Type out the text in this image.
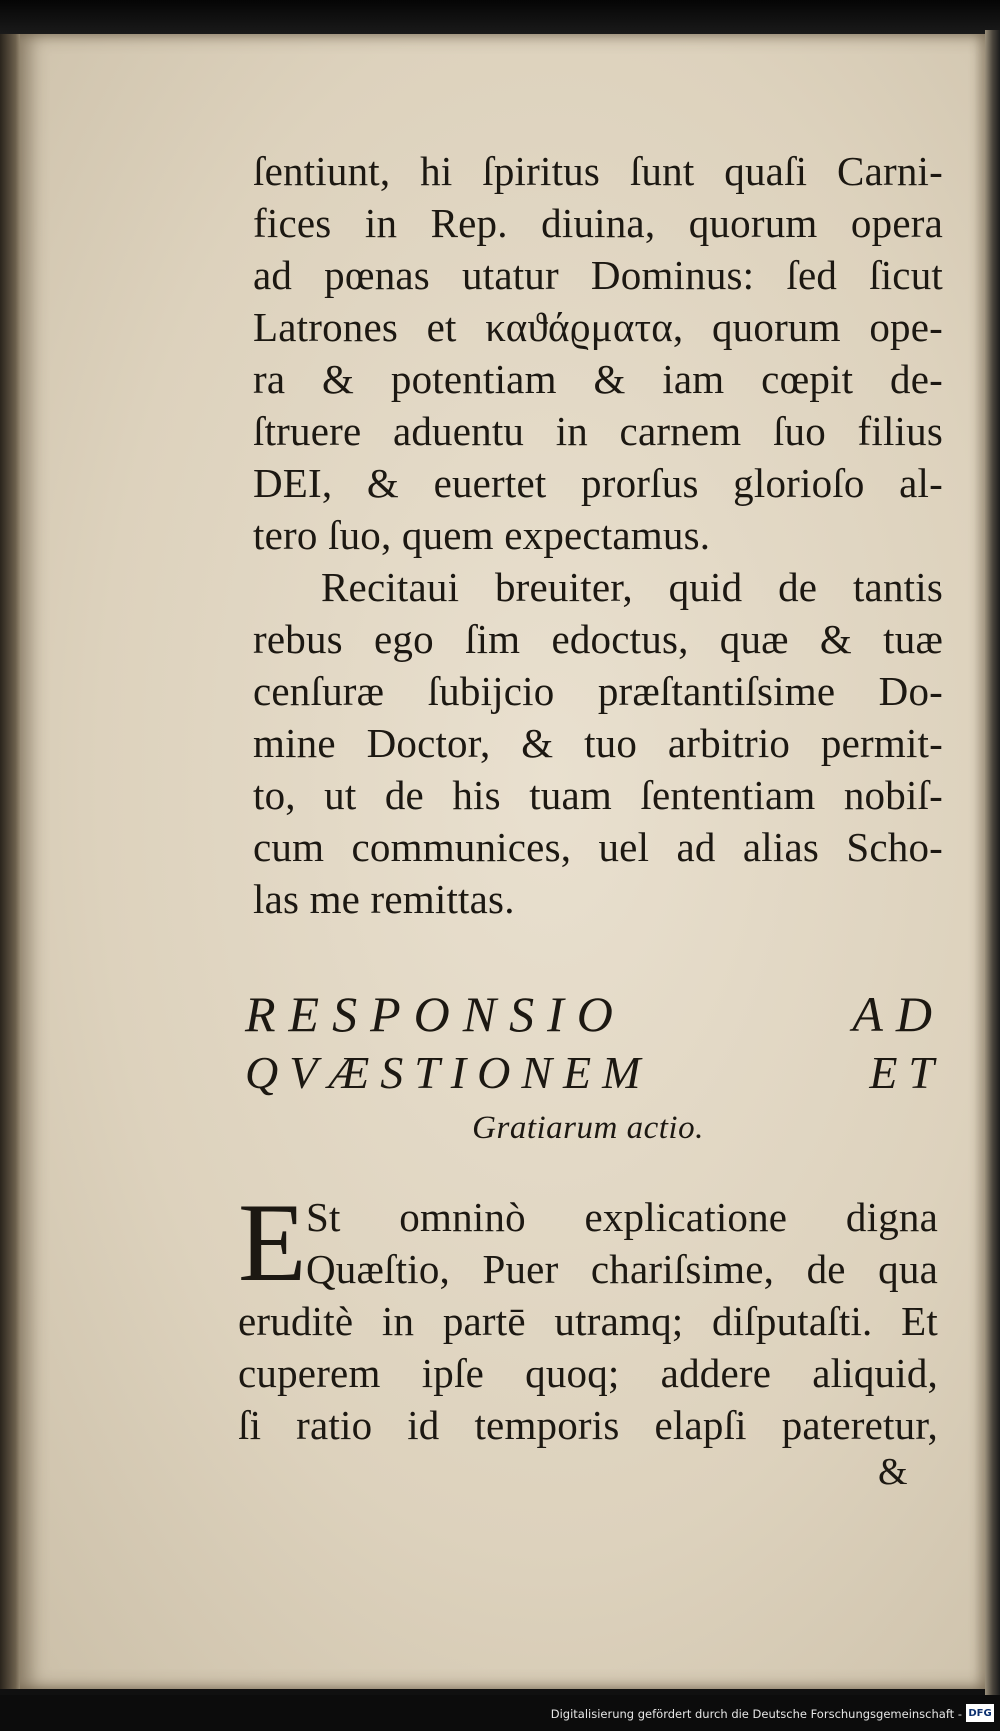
ſentiunt, hi ſpiritus ſunt quaſi Carni-
fices in Rep. diuina, quorum opera
ad pœnas utatur Dominus: ſed ſicut
Latrones et καϑάϱματα, quorum ope-
ra & potentiam & iam cœpit de-
ſtruere aduentu in carnem ſuo filius
DEI, & euertet prorſus glorioſo al-
tero ſuo, quem expectamus.
Recitaui breuiter, quid de tantis
rebus ego ſim edoctus, quæ & tuæ
cenſuræ ſubijcio præſtantiſsime Do-
mine Doctor, & tuo arbitrio permit-
to, ut de his tuam ſententiam nobiſ-
cum communices, uel ad alias Scho-
las me remittas.
RESPONSIO AD
QVÆSTIONEM ET
Gratiarum actio.
E St omninò explicatione digna
Quæſtio, Puer chariſsime, de qua
eruditè in partē utramq; diſputaſti. Et
cuperem ipſe quoq; addere aliquid,
ſi ratio id temporis elapſi pateretur,
&
Digitalisierung gefördert durch die Deutsche Forschungsgemeinschaft - DFG
